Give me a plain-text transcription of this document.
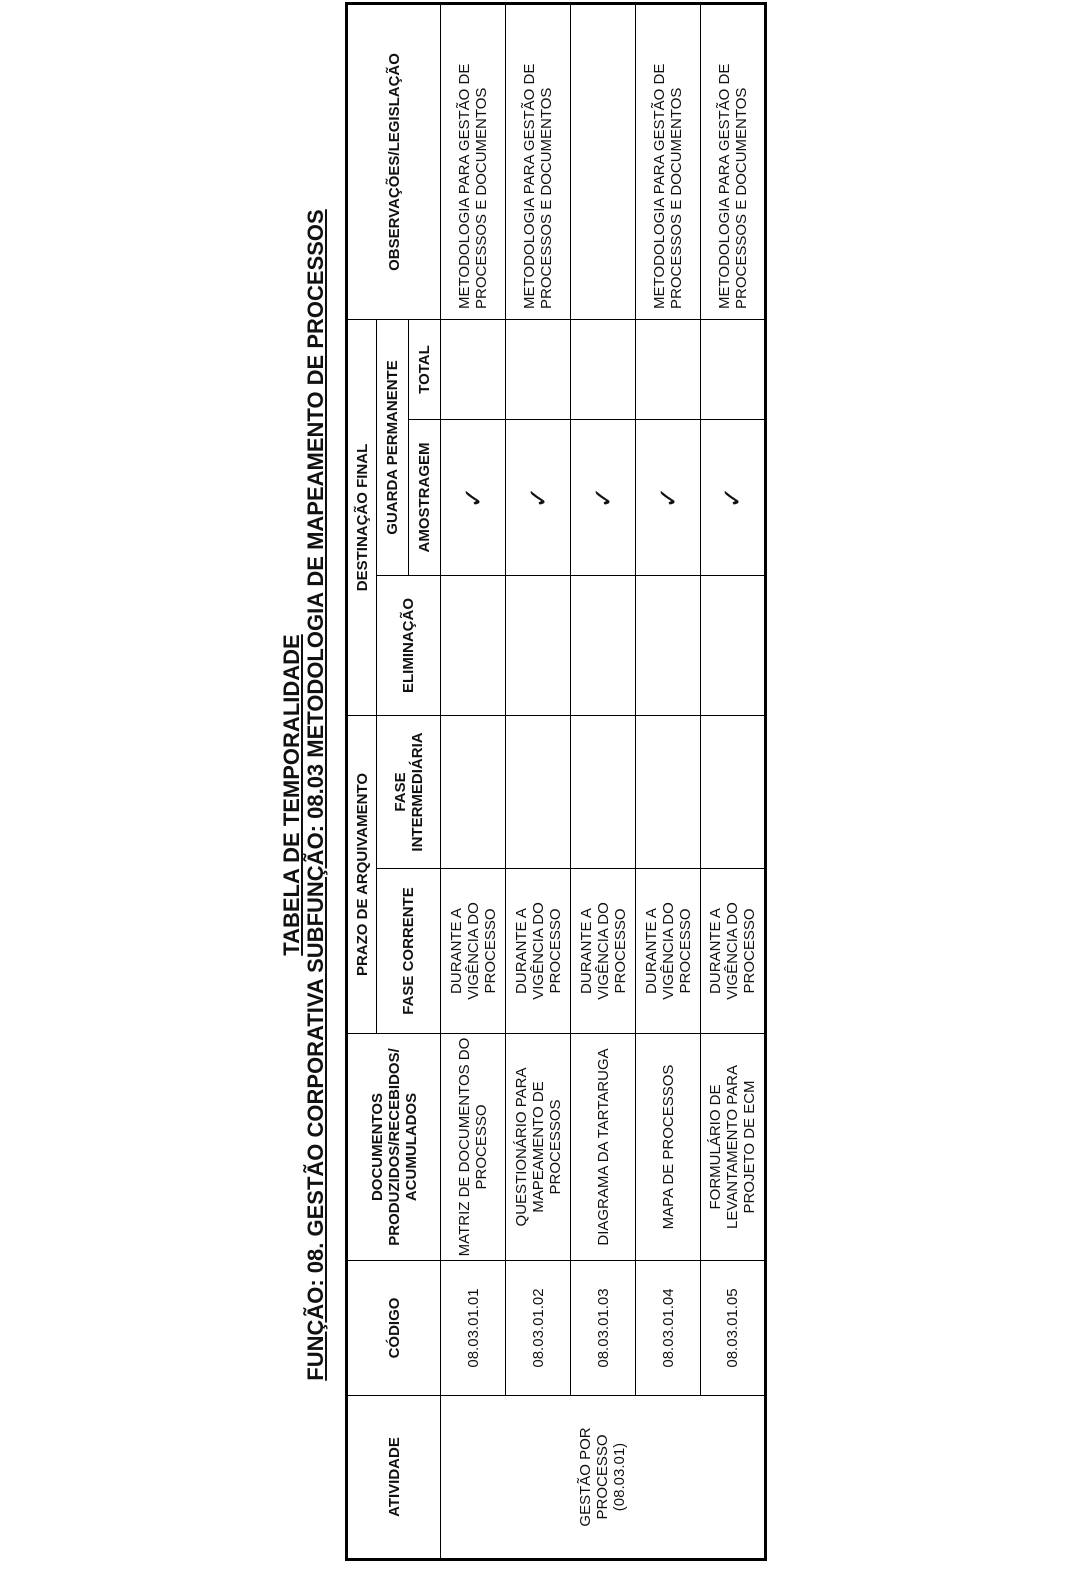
TABELA DE TEMPORALIDADE
FUNÇÃO: 08. GESTÃO CORPORATIVA SUBFUNÇÃO: 08.03 METODOLOGIA DE MAPEAMENTO DE PROCESSOS
ATIVIDADE	CÓDIGO	DOCUMENTOS PRODUZIDOS/RECEBIDOS/ ACUMULADOS	PRAZO DE ARQUIVAMENTO		DESTINAÇÃO FINAL			OBSERVAÇÕES/LEGISLAÇÃO
			FASE CORRENTE	FASE INTERMEDIÁRIA	ELIMINAÇÃO	GUARDA PERMANENTE		
						AMOSTRAGEM	TOTAL	
GESTÃO POR PROCESSO (08.03.01)	08.03.01.01	MATRIZ DE DOCUMENTOS DO PROCESSO	DURANTE A VIGÊNCIA DO PROCESSO			✓		METODOLOGIA PARA GESTÃO DE PROCESSOS E DOCUMENTOS
	08.03.01.02	QUESTIONÁRIO PARA MAPEAMENTO DE PROCESSOS	DURANTE A VIGÊNCIA DO PROCESSO			✓		METODOLOGIA PARA GESTÃO DE PROCESSOS E DOCUMENTOS
	08.03.01.03	DIAGRAMA DA TARTARUGA	DURANTE A VIGÊNCIA DO PROCESSO			✓		
	08.03.01.04	MAPA DE PROCESSOS	DURANTE A VIGÊNCIA DO PROCESSO			✓		METODOLOGIA PARA GESTÃO DE PROCESSOS E DOCUMENTOS
	08.03.01.05	FORMULÁRIO DE LEVANTAMENTO PARA PROJETO DE ECM	DURANTE A VIGÊNCIA DO PROCESSO			✓		METODOLOGIA PARA GESTÃO DE PROCESSOS E DOCUMENTOS
